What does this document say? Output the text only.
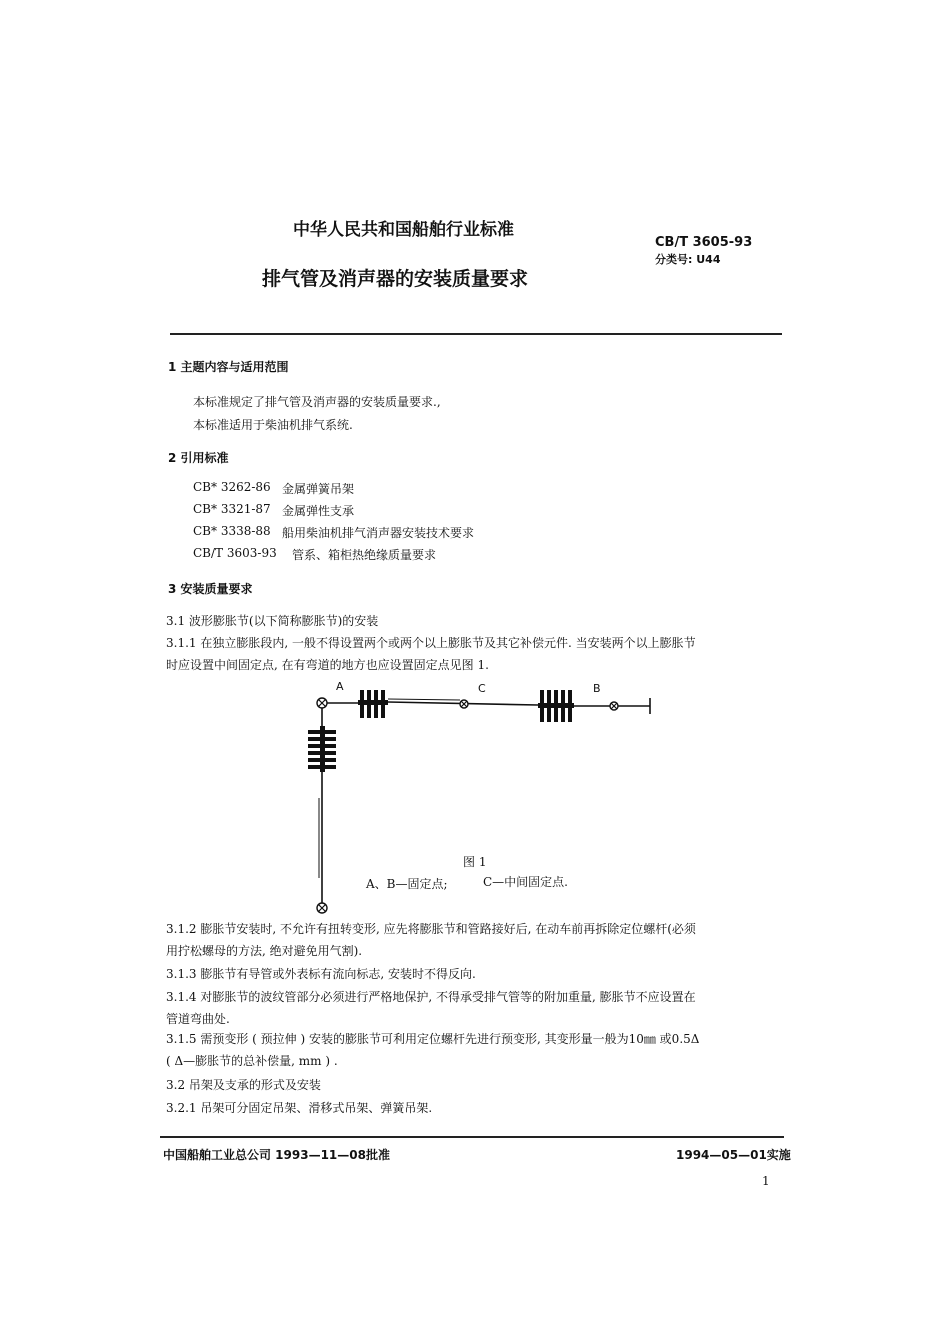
中华人民共和国船舶行业标准
CB/T 3605-93
分类号: U44
排气管及消声器的安装质量要求
1 主题内容与适用范围
本标准规定了排气管及消声器的安装质量要求.,
本标准适用于柴油机排气系统.
2 引用标准
CB* 3262-86 金属弹簧吊架
CB* 3321-87 金属弹性支承
CB* 3338-88 船用柴油机排气消声器安装技术要求
CB/T 3603-93 管系、箱柜热绝缘质量要求
3 安装质量要求
3.1 波形膨胀节(以下简称膨胀节)的安装
3.1.1 在独立膨胀段内, 一般不得设置两个或两个以上膨胀节及其它补偿元件. 当安装两个以上膨胀节
时应设置中间固定点, 在有弯道的地方也应设置固定点见图 1.
A	C	B
图 1
A、B—固定点;	C—中间固定点.
3.1.2 膨胀节安装时, 不允许有扭转变形, 应先将膨胀节和管路接好后, 在动车前再拆除定位螺杆(必须
用拧松螺母的方法, 绝对避免用气割).
3.1.3 膨胀节有导管或外表标有流向标志, 安装时不得反向.
3.1.4 对膨胀节的波纹管部分必须进行严格地保护, 不得承受排气管等的附加重量, 膨胀节不应设置在
管道弯曲处.
3.1.5 需预变形 ( 预拉伸 ) 安装的膨胀节可利用定位螺杆先进行预变形, 其变形量一般为10㎜ 或0.5Δ
( Δ—膨胀节的总补偿量, mm ) .
3.2 吊架及支承的形式及安装
3.2.1 吊架可分固定吊架、滑移式吊架、弹簧吊架.
中国船舶工业总公司 1993—11—08批准	1994—05—01实施
1
